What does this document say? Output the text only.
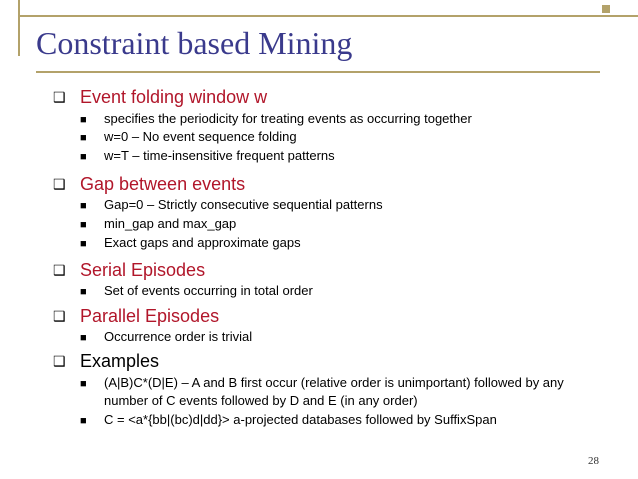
Constraint based Mining
❑ Event folding window w
■ specifies the periodicity for treating events as occurring together
■ w=0 – No event sequence folding
■ w=T – time-insensitive frequent patterns
❑ Gap between events
■ Gap=0 – Strictly consecutive sequential patterns
■ min_gap and max_gap
■ Exact gaps and approximate gaps
❑ Serial Episodes
■ Set of events occurring in total order
❑ Parallel Episodes
■ Occurrence order is trivial
❑ Examples
■ (A|B)C*(D|E) – A and B first occur (relative order is unimportant) followed by any number of C events followed by D and E (in any order)
■ C = <a*{bb|(bc)d|dd}> a-projected databases followed by SuffixSpan
28
